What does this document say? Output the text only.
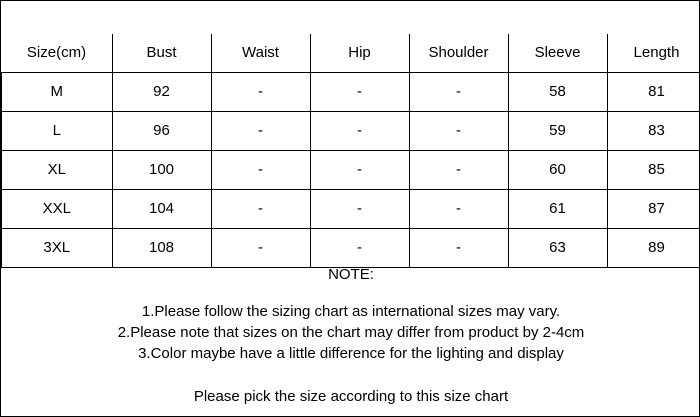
Size(cm)	Bust	Waist	Hip	Shoulder	Sleeve	Length
M	92	-	-	-	58	81
L	96	-	-	-	59	83
XL	100	-	-	-	60	85
XXL	104	-	-	-	61	87
3XL	108	-	-	-	63	89
NOTE:
1.Please follow the sizing chart as international sizes may vary.
2.Please note that sizes on the chart may differ from product by 2-4cm
3.Color maybe have a little difference for the lighting and display
Please pick the size according to this size chart
